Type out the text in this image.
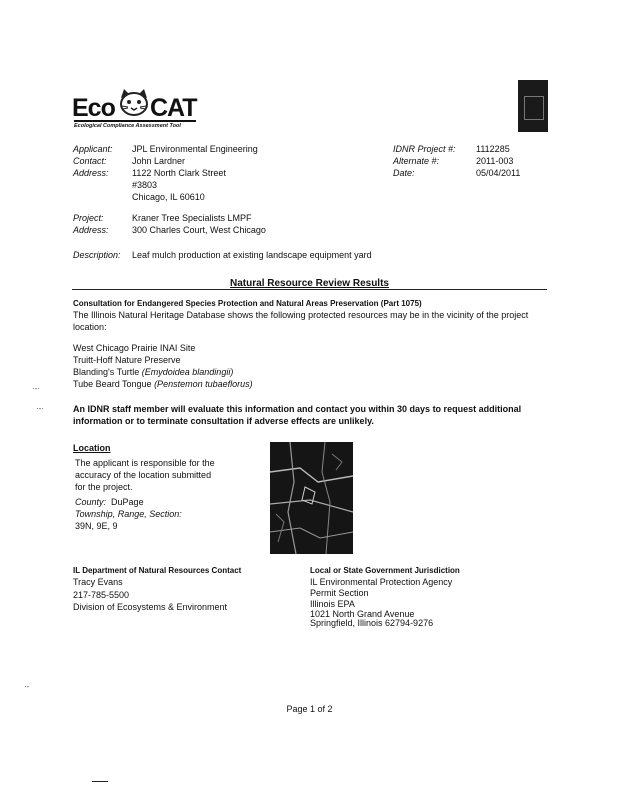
Eco CAT
Ecological Compliance Assessment Tool
Applicant: JPL Environmental Engineering
Contact:	John Lardner
Address:	1122 North Clark Street
#3803
Chicago, IL 60610
Project:	Kraner Tree Specialists LMPF
Address:	300 Charles Court, West Chicago
Description: Leaf mulch production at existing landscape equipment yard
IDNR Project #: 1112285
Alternate #:	2011-003
Date:	05/04/2011
Natural Resource Review Results
Consultation for Endangered Species Protection and Natural Areas Preservation (Part 1075)
The Illinois Natural Heritage Database shows the following protected resources may be in the vicinity of the project
location:
West Chicago Prairie INAI Site
Truitt-Hoff Nature Preserve
Blanding's Turtle (Emydoidea blandingii)
Tube Beard Tongue (Penstemon tubaeflorus)
An IDNR staff member will evaluate this information and contact you within 30 days to request additional
information or to terminate consultation if adverse effects are unlikely.
Location
The applicant is responsible for the
accuracy of the location submitted
for the project.
County: DuPage
Township, Range, Section:
39N, 9E, 9
IL Department of Natural Resources Contact
Tracy Evans
217-785-5500
Division of Ecosystems & Environment
Local or State Government Jurisdiction
IL Environmental Protection Agency
Permit Section
Illinois EPA
1021 North Grand Avenue
Springfield, Illinois 62794-9276
Page 1 of 2
·-·
·-·
·-
